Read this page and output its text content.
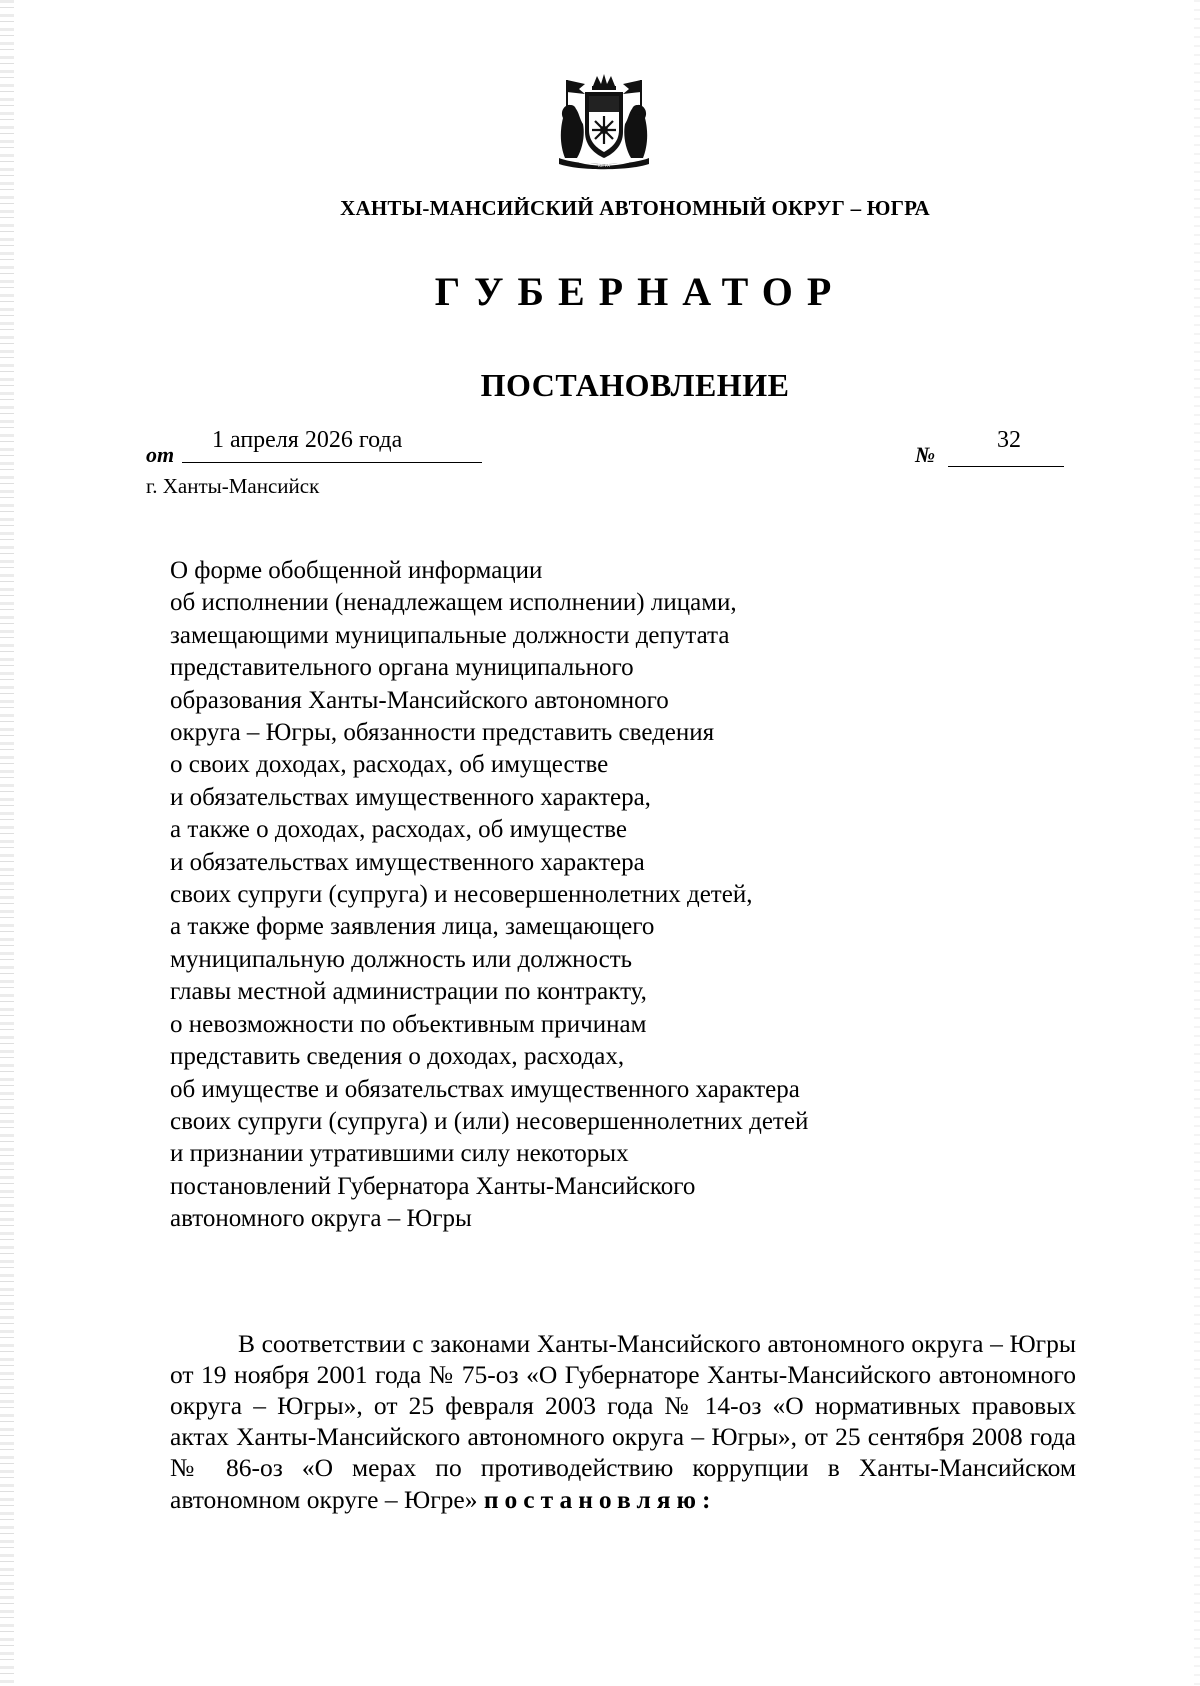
ЮГРА
ХАНТЫ-МАНСИЙСКИЙ АВТОНОМНЫЙ ОКРУГ – ЮГРА
ГУБЕРНАТОР
ПОСТАНОВЛЕНИЕ
от
1 апреля 2026 года
№
32
г. Ханты-Мансийск
О форме обобщенной информации
об исполнении (ненадлежащем исполнении) лицами,
замещающими муниципальные должности депутата
представительного органа муниципального
образования Ханты-Мансийского автономного
округа – Югры, обязанности представить сведения
о своих доходах, расходах, об имуществе
и обязательствах имущественного характера,
а также о доходах, расходах, об имуществе
и обязательствах имущественного характера
своих супруги (супруга) и несовершеннолетних детей,
а также форме заявления лица, замещающего
муниципальную должность или должность
главы местной администрации по контракту,
о невозможности по объективным причинам
представить сведения о доходах, расходах,
об имуществе и обязательствах имущественного характера
своих супруги (супруга) и (или) несовершеннолетних детей
и признании утратившими силу некоторых
постановлений Губернатора Ханты-Мансийского
автономного округа – Югры

В соответствии с законами Ханты-Мансийского автономного округа – Югры от 19 ноября 2001 года № 75-оз «О Губернаторе Ханты-Мансийского автономного округа – Югры», от 25 февраля 2003 года № 14-оз «О нормативных правовых актах Ханты-Мансийского автономного округа – Югры», от 25 сентября 2008 года № 86-оз «О мерах по противодействию коррупции в Ханты-Мансийском автономном округе – Югре» постановляю:
